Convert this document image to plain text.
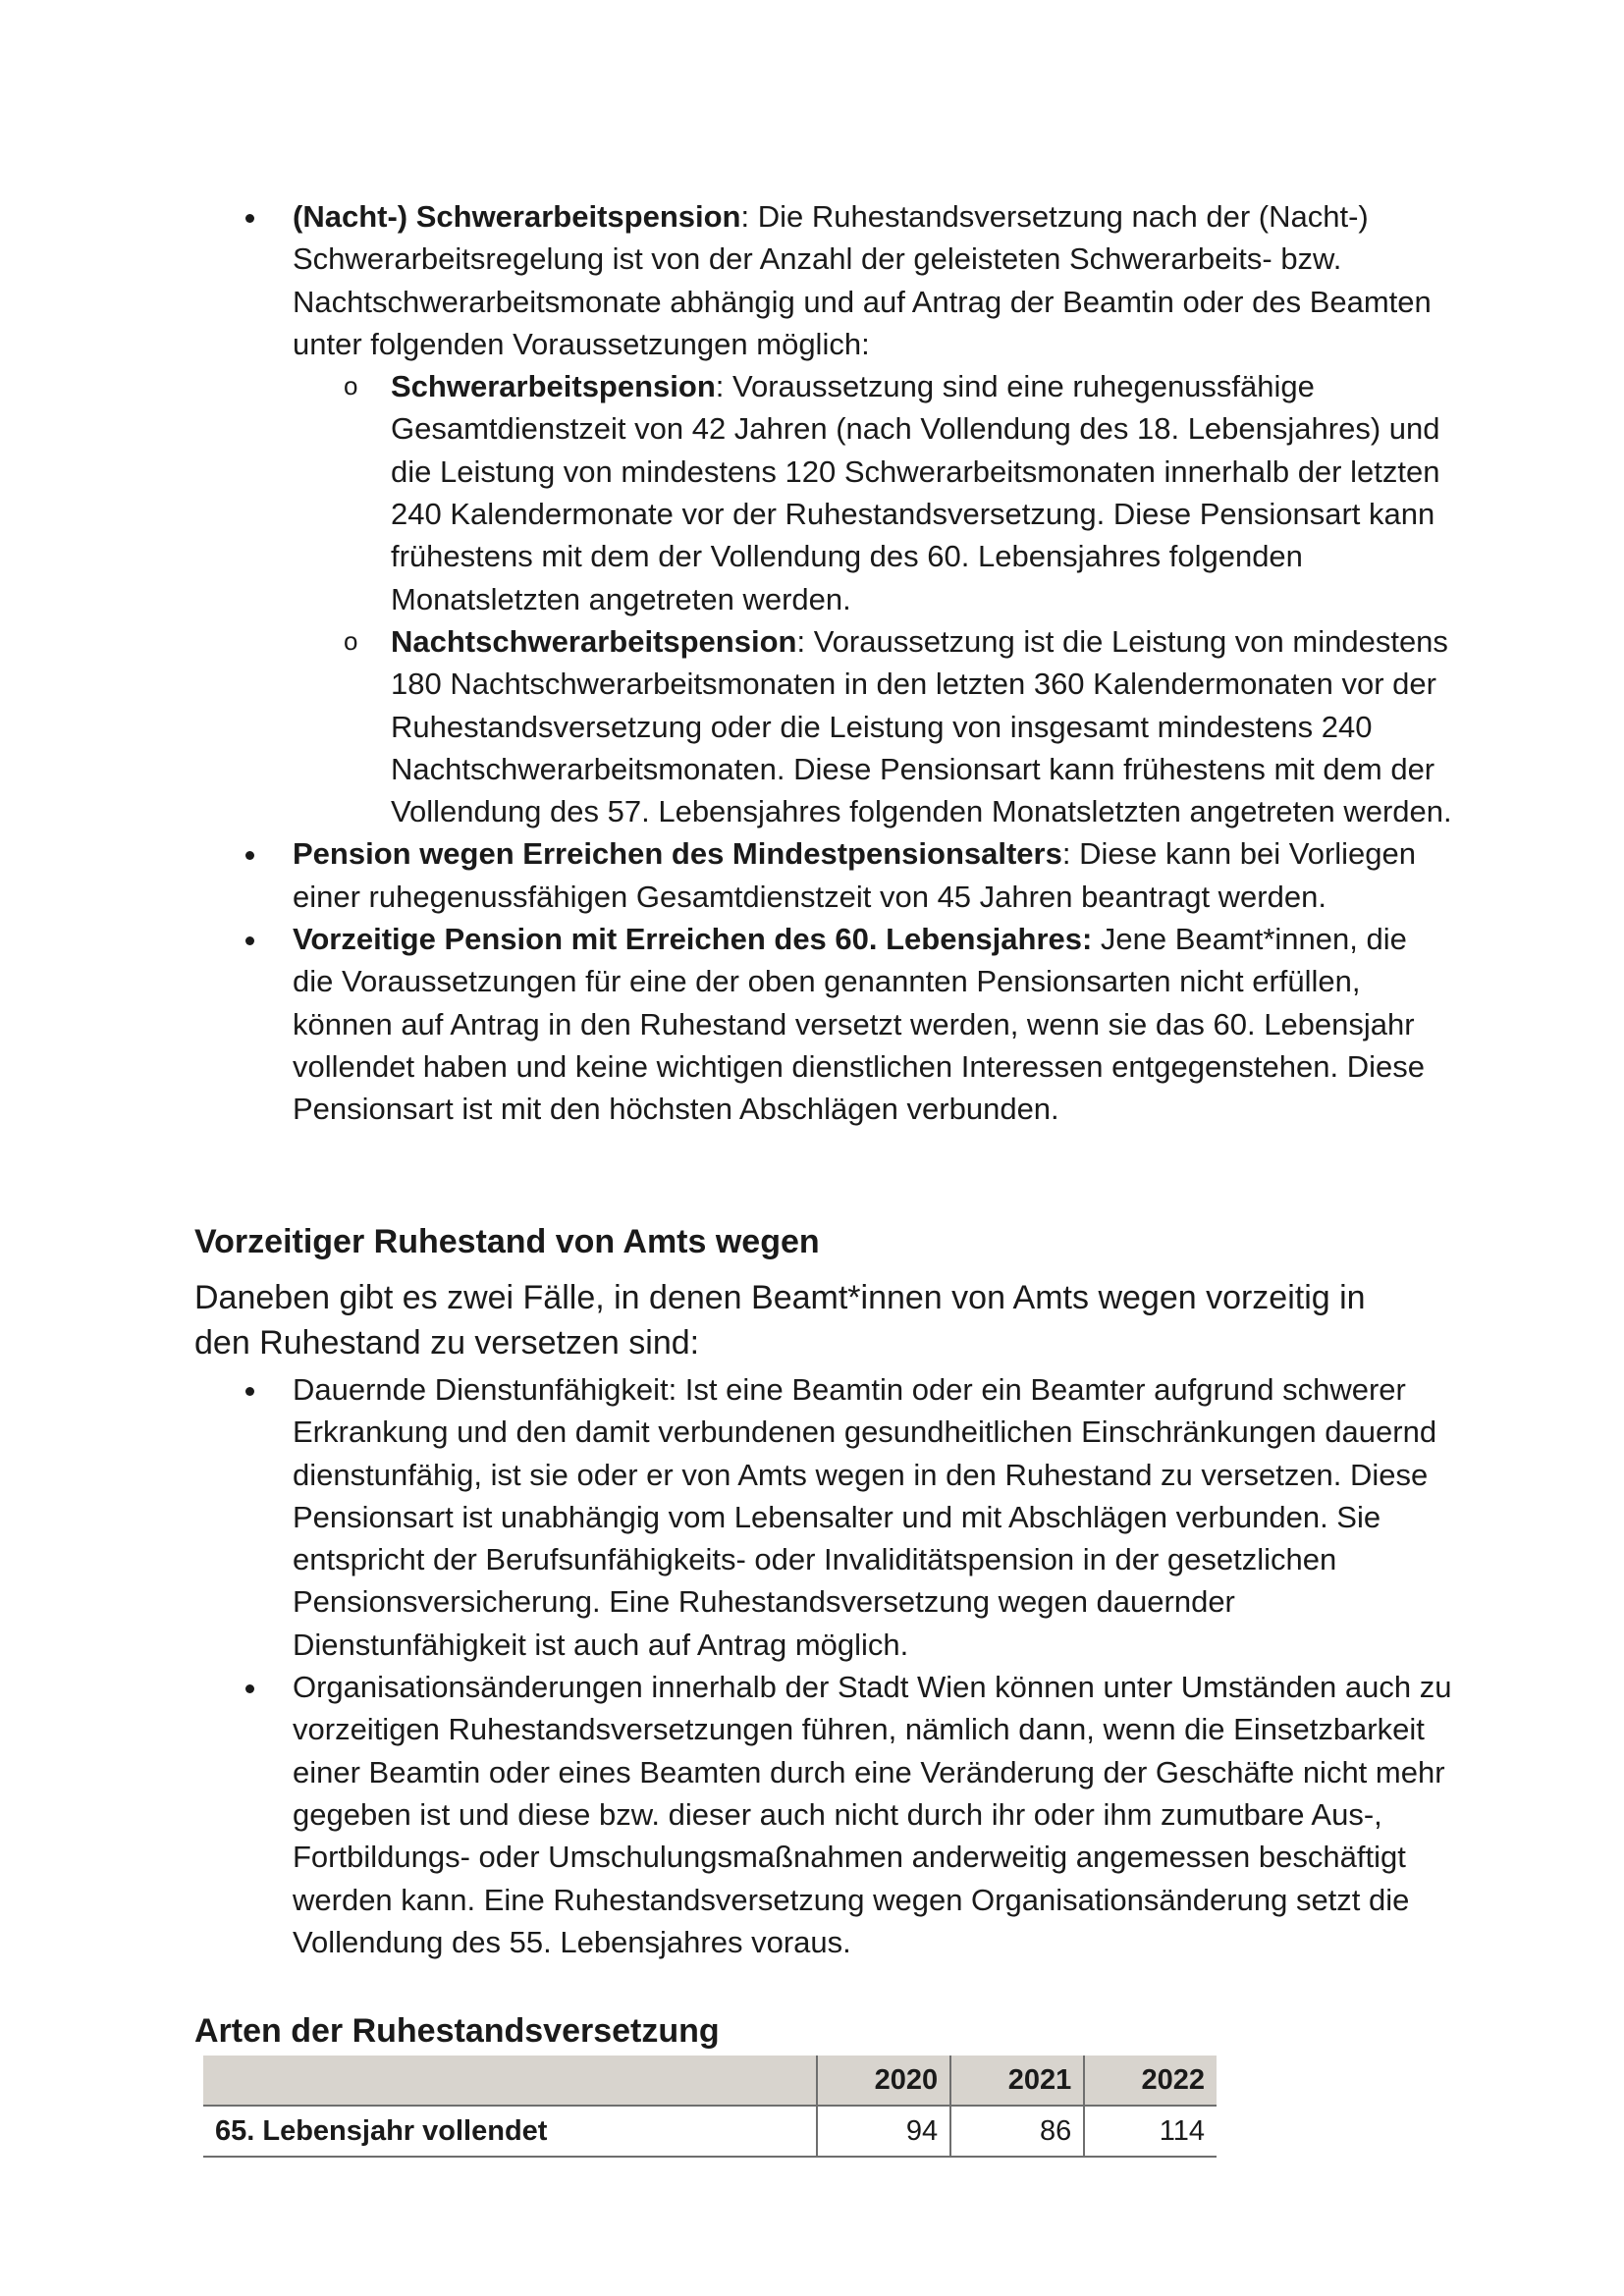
(Nacht-) Schwerarbeitspension: Die Ruhestandsversetzung nach der (Nacht-) Schwerarbeitsregelung ist von der Anzahl der geleisteten Schwerarbeits- bzw. Nachtschwerarbeitsmonate abhängig und auf Antrag der Beamtin oder des Beamten unter folgenden Voraussetzungen möglich:
o Schwerarbeitspension: Voraussetzung sind eine ruhegenussfähige Gesamtdienstzeit von 42 Jahren (nach Vollendung des 18. Lebensjahres) und die Leistung von mindestens 120 Schwerarbeitsmonaten innerhalb der letzten 240 Kalendermonate vor der Ruhestandsversetzung. Diese Pensionsart kann frühestens mit dem der Vollendung des 60. Lebensjahres folgenden Monatsletzten angetreten werden.
o Nachtschwerarbeitspension: Voraussetzung ist die Leistung von mindestens 180 Nachtschwerarbeitsmonaten in den letzten 360 Kalendermonaten vor der Ruhestandsversetzung oder die Leistung von insgesamt mindestens 240 Nachtschwerarbeitsmonaten. Diese Pensionsart kann frühestens mit dem der Vollendung des 57. Lebensjahres folgenden Monatsletzten angetreten werden.
Pension wegen Erreichen des Mindestpensionsalters: Diese kann bei Vorliegen einer ruhegenussfähigen Gesamtdienstzeit von 45 Jahren beantragt werden.
Vorzeitige Pension mit Erreichen des 60. Lebensjahres: Jene Beamt*innen, die die Voraussetzungen für eine der oben genannten Pensionsarten nicht erfüllen, können auf Antrag in den Ruhestand versetzt werden, wenn sie das 60. Lebensjahr vollendet haben und keine wichtigen dienstlichen Interessen entgegenstehen. Diese Pensionsart ist mit den höchsten Abschlägen verbunden.
Vorzeitiger Ruhestand von Amts wegen

Daneben gibt es zwei Fälle, in denen Beamt*innen von Amts wegen vorzeitig in den Ruhestand zu versetzen sind:

Dauernde Dienstunfähigkeit: Ist eine Beamtin oder ein Beamter aufgrund schwerer Erkrankung und den damit verbundenen gesundheitlichen Einschränkungen dauernd dienstunfähig, ist sie oder er von Amts wegen in den Ruhestand zu versetzen. Diese Pensionsart ist unabhängig vom Lebensalter und mit Abschlägen verbunden. Sie entspricht der Berufsunfähigkeits- oder Invaliditätspension in der gesetzlichen Pensionsversicherung. Eine Ruhestandsversetzung wegen dauernder Dienstunfähigkeit ist auch auf Antrag möglich.
Organisationsänderungen innerhalb der Stadt Wien können unter Umständen auch zu vorzeitigen Ruhestandsversetzungen führen, nämlich dann, wenn die Einsetzbarkeit einer Beamtin oder eines Beamten durch eine Veränderung der Geschäfte nicht mehr gegeben ist und diese bzw. dieser auch nicht durch ihr oder ihm zumutbare Aus-, Fortbildungs- oder Umschulungsmaßnahmen anderweitig angemessen beschäftigt werden kann. Eine Ruhestandsversetzung wegen Organisationsänderung setzt die Vollendung des 55. Lebensjahres voraus.
Arten der Ruhestandsversetzung
	2020	2021	2022
65. Lebensjahr vollendet	94	86	114
